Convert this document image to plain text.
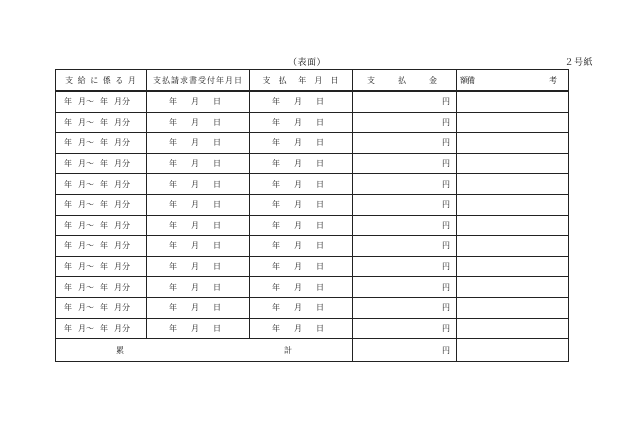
（表面）	２号紙
支 給 に 係 る 月	支払請求書受付年月日	支 払 年 月 日	支 払 金 額	備 考

年 月～ 年 月分	年 月 日	年 月 日	円	
年 月～ 年 月分	年 月 日	年 月 日	円	
年 月～ 年 月分	年 月 日	年 月 日	円	
年 月～ 年 月分	年 月 日	年 月 日	円	
年 月～ 年 月分	年 月 日	年 月 日	円	
年 月～ 年 月分	年 月 日	年 月 日	円	
年 月～ 年 月分	年 月 日	年 月 日	円	
年 月～ 年 月分	年 月 日	年 月 日	円	
年 月～ 年 月分	年 月 日	年 月 日	円	
年 月～ 年 月分	年 月 日	年 月 日	円	
年 月～ 年 月分	年 月 日	年 月 日	円	
年 月～ 年 月分	年 月 日	年 月 日	円	

累 計			円	
